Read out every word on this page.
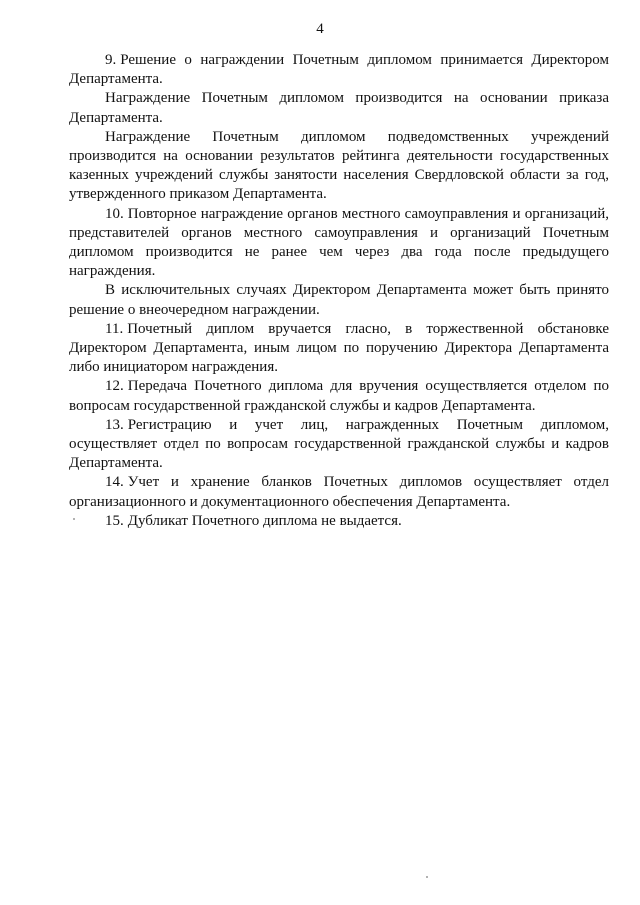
4

9. Решение о награждении Почетным дипломом принимается Директором Департамента.

Награждение Почетным дипломом производится на основании приказа Департамента.

Награждение Почетным дипломом подведомственных учреждений производится на основании результатов рейтинга деятельности государственных казенных учреждений службы занятости населения Свердловской области за год, утвержденного приказом Департамента.

10. Повторное награждение органов местного самоуправления и организаций, представителей органов местного самоуправления и организаций Почетным дипломом производится не ранее чем через два года после предыдущего награждения.

В исключительных случаях Директором Департамента может быть принято решение о внеочередном награждении.

11. Почетный диплом вручается гласно, в торжественной обстановке Директором Департамента, иным лицом по поручению Директора Департамента либо инициатором награждения.

12. Передача Почетного диплома для вручения осуществляется отделом по вопросам государственной гражданской службы и кадров Департамента.

13. Регистрацию и учет лиц, награжденных Почетным дипломом, осуществляет отдел по вопросам государственной гражданской службы и кадров Департамента.

14. Учет и хранение бланков Почетных дипломов осуществляет отдел организационного и документационного обеспечения Департамента.

15. Дубликат Почетного диплома не выдается.
